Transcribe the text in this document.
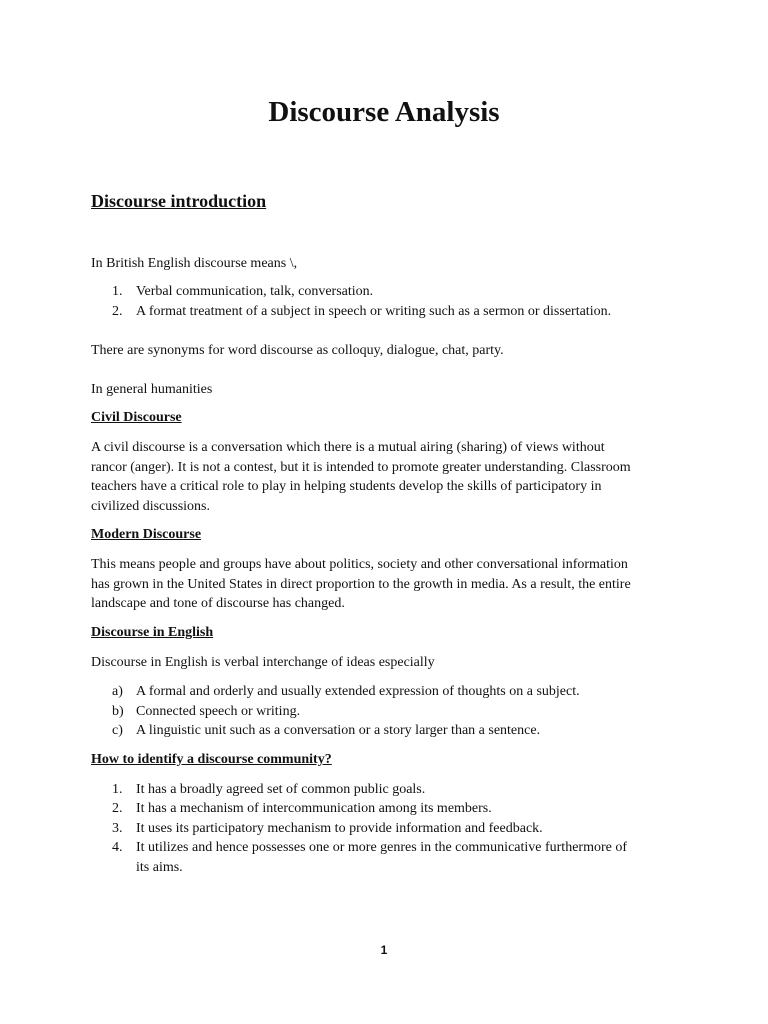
Discourse Analysis
Discourse introduction
In British English discourse means \,
1. Verbal communication, talk, conversation.
2. A format treatment of a subject in speech or writing such as a sermon or dissertation.
There are synonyms for word discourse as colloquy, dialogue, chat, party.
In general humanities
Civil Discourse
A civil discourse is a conversation which there is a mutual airing (sharing) of views without
rancor (anger). It is not a contest, but it is intended to promote greater understanding. Classroom
teachers have a critical role to play in helping students develop the skills of participatory in
civilized discussions.
Modern Discourse
This means people and groups have about politics, society and other conversational information
has grown in the United States in direct proportion to the growth in media. As a result, the entire
landscape and tone of discourse has changed.
Discourse in English
Discourse in English is verbal interchange of ideas especially
a) A formal and orderly and usually extended expression of thoughts on a subject.
b) Connected speech or writing.
c) A linguistic unit such as a conversation or a story larger than a sentence.
How to identify a discourse community?
1. It has a broadly agreed set of common public goals.
2. It has a mechanism of intercommunication among its members.
3. It uses its participatory mechanism to provide information and feedback.
4. It utilizes and hence possesses one or more genres in the communicative furthermore of
its aims.
1
